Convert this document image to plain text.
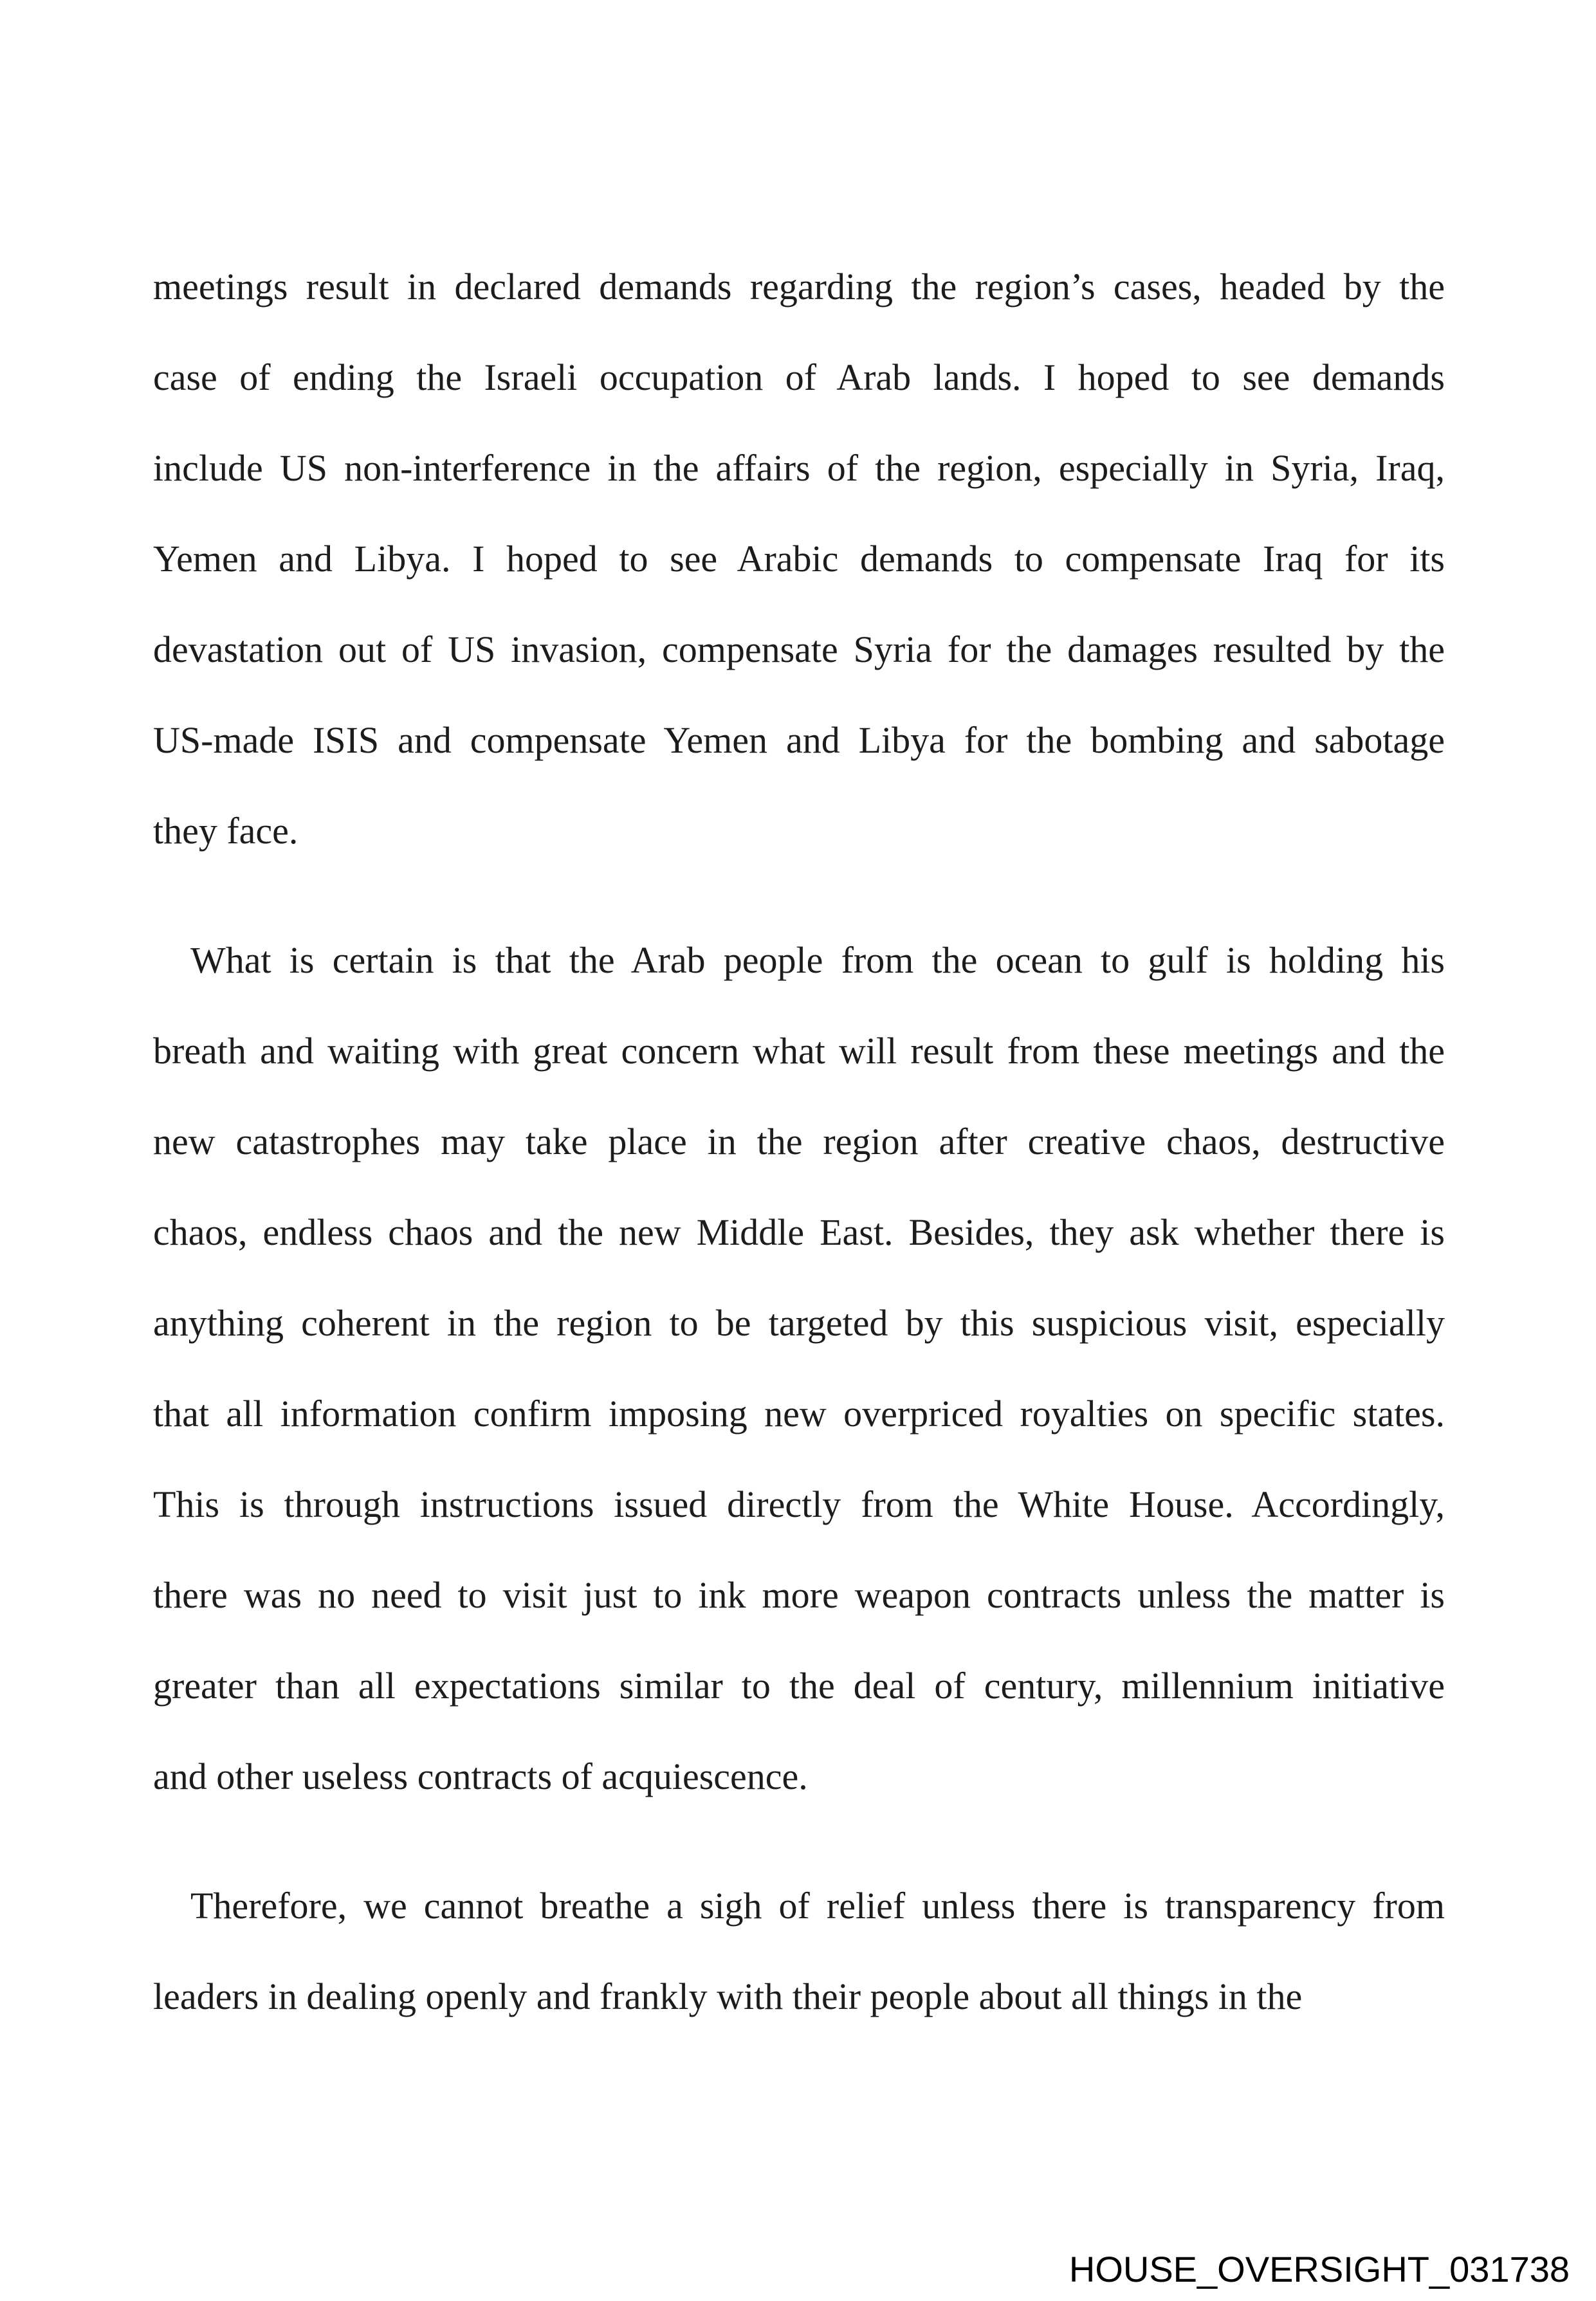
meetings result in declared demands regarding the region’s cases, headed by the
case of ending the Israeli occupation of Arab lands. I hoped to see demands
include US non-interference in the affairs of the region, especially in Syria, Iraq,
Yemen and Libya. I hoped to see Arabic demands to compensate Iraq for its
devastation out of US invasion, compensate Syria for the damages resulted by the
US-made ISIS and compensate Yemen and Libya for the bombing and sabotage
they face.
What is certain is that the Arab people from the ocean to gulf is holding his
breath and waiting with great concern what will result from these meetings and the
new catastrophes may take place in the region after creative chaos, destructive
chaos, endless chaos and the new Middle East. Besides, they ask whether there is
anything coherent in the region to be targeted by this suspicious visit, especially
that all information confirm imposing new overpriced royalties on specific states.
This is through instructions issued directly from the White House. Accordingly,
there was no need to visit just to ink more weapon contracts unless the matter is
greater than all expectations similar to the deal of century, millennium initiative
and other useless contracts of acquiescence.
Therefore, we cannot breathe a sigh of relief unless there is transparency from
leaders in dealing openly and frankly with their people about all things in the
HOUSE_OVERSIGHT_031738
